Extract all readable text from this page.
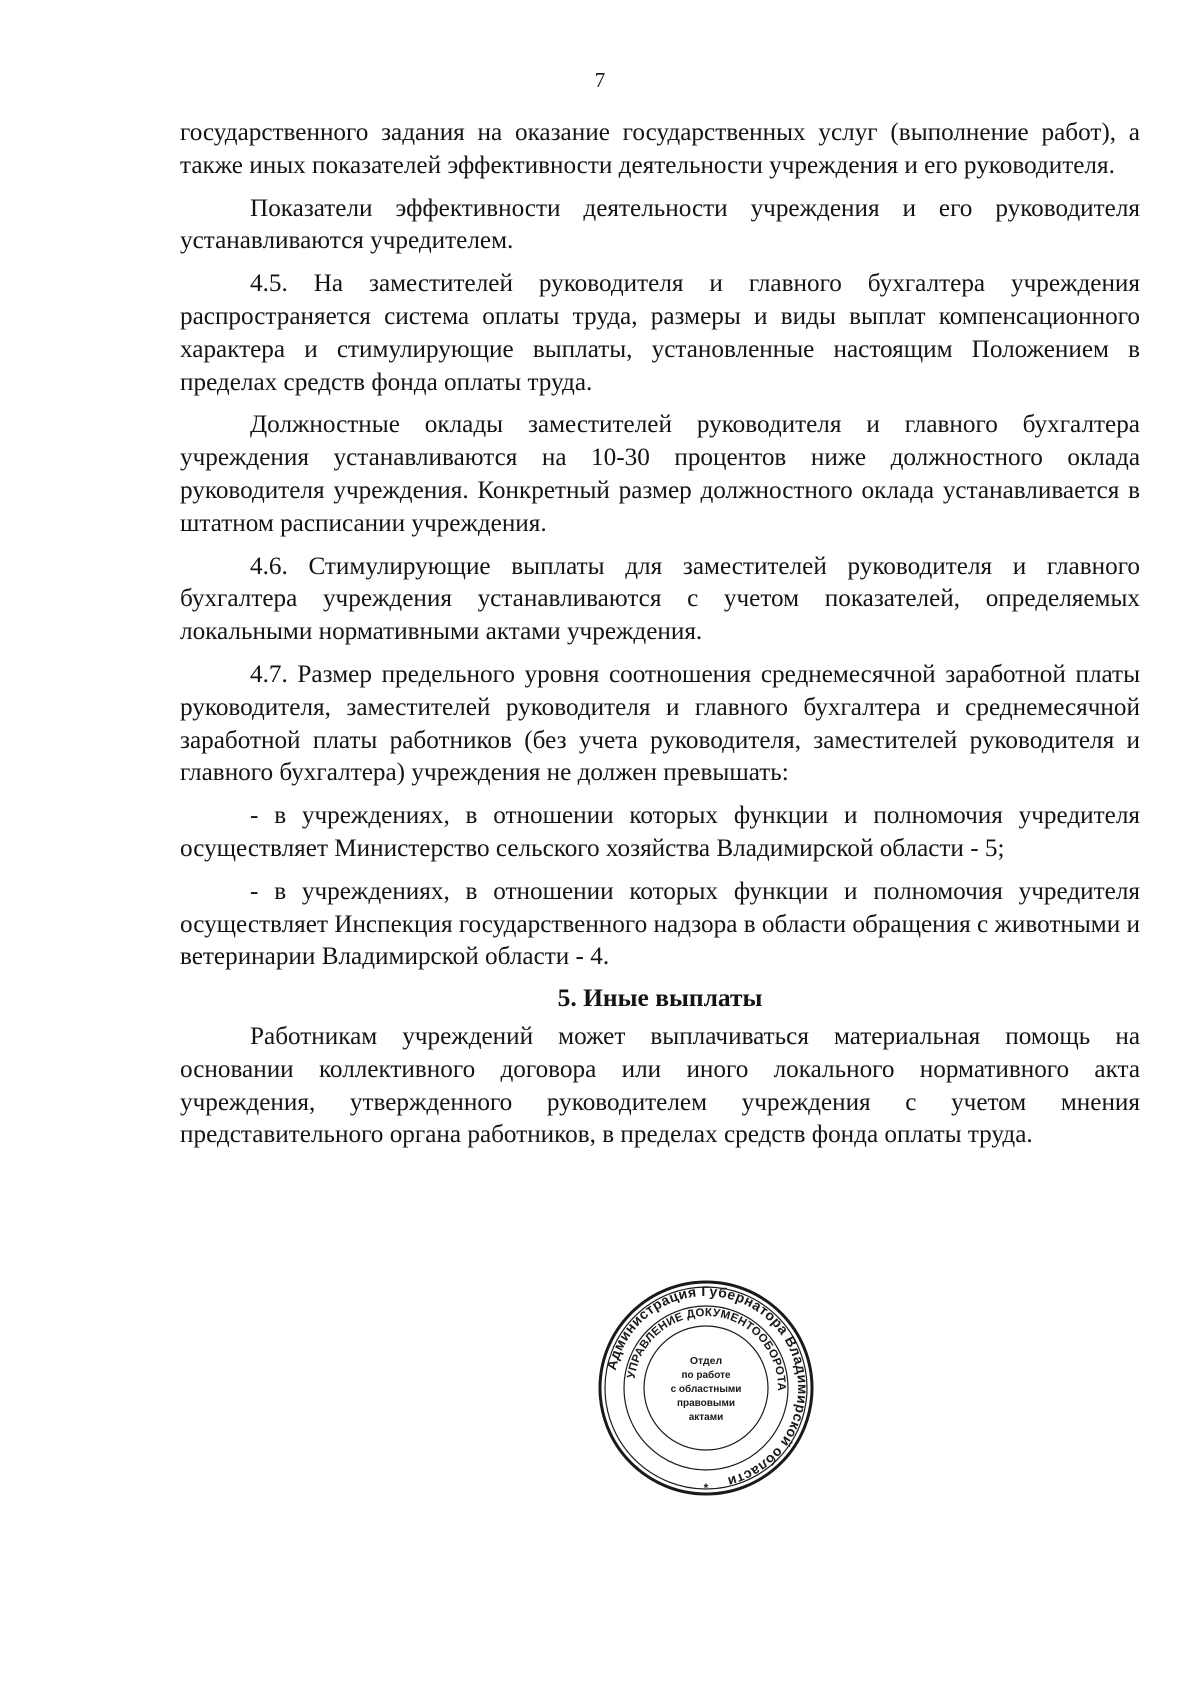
7

государственного задания на оказание государственных услуг (выполнение работ), а также иных показателей эффективности деятельности учреждения и его руководителя.

Показатели эффективности деятельности учреждения и его руководителя устанавливаются учредителем.

4.5. На заместителей руководителя и главного бухгалтера учреждения распространяется система оплаты труда, размеры и виды выплат компенсационного характера и стимулирующие выплаты, установленные настоящим Положением в пределах средств фонда оплаты труда.

Должностные оклады заместителей руководителя и главного бухгалтера учреждения устанавливаются на 10-30 процентов ниже должностного оклада руководителя учреждения. Конкретный размер должностного оклада устанавливается в штатном расписании учреждения.

4.6. Стимулирующие выплаты для заместителей руководителя и главного бухгалтера учреждения устанавливаются с учетом показателей, определяемых локальными нормативными актами учреждения.

4.7. Размер предельного уровня соотношения среднемесячной заработной платы руководителя, заместителей руководителя и главного бухгалтера и среднемесячной заработной платы работников (без учета руководителя, заместителей руководителя и главного бухгалтера) учреждения не должен превышать:

- в учреждениях, в отношении которых функции и полномочия учредителя осуществляет Министерство сельского хозяйства Владимирской области - 5;

- в учреждениях, в отношении которых функции и полномочия учредителя осуществляет Инспекция государственного надзора в области обращения с животными и ветеринарии Владимирской области - 4.

5. Иные выплаты

Работникам учреждений может выплачиваться материальная помощь на основании коллективного договора или иного локального нормативного акта учреждения, утвержденного руководителем учреждения с учетом мнения представительного органа работников, в пределах средств фонда оплаты труда.

Администрация Губернатора Владимирской области
УПРАВЛЕНИЕ ДОКУМЕНТООБОРОТА
Отдел
по работе
с областными
правовыми
актами
*
